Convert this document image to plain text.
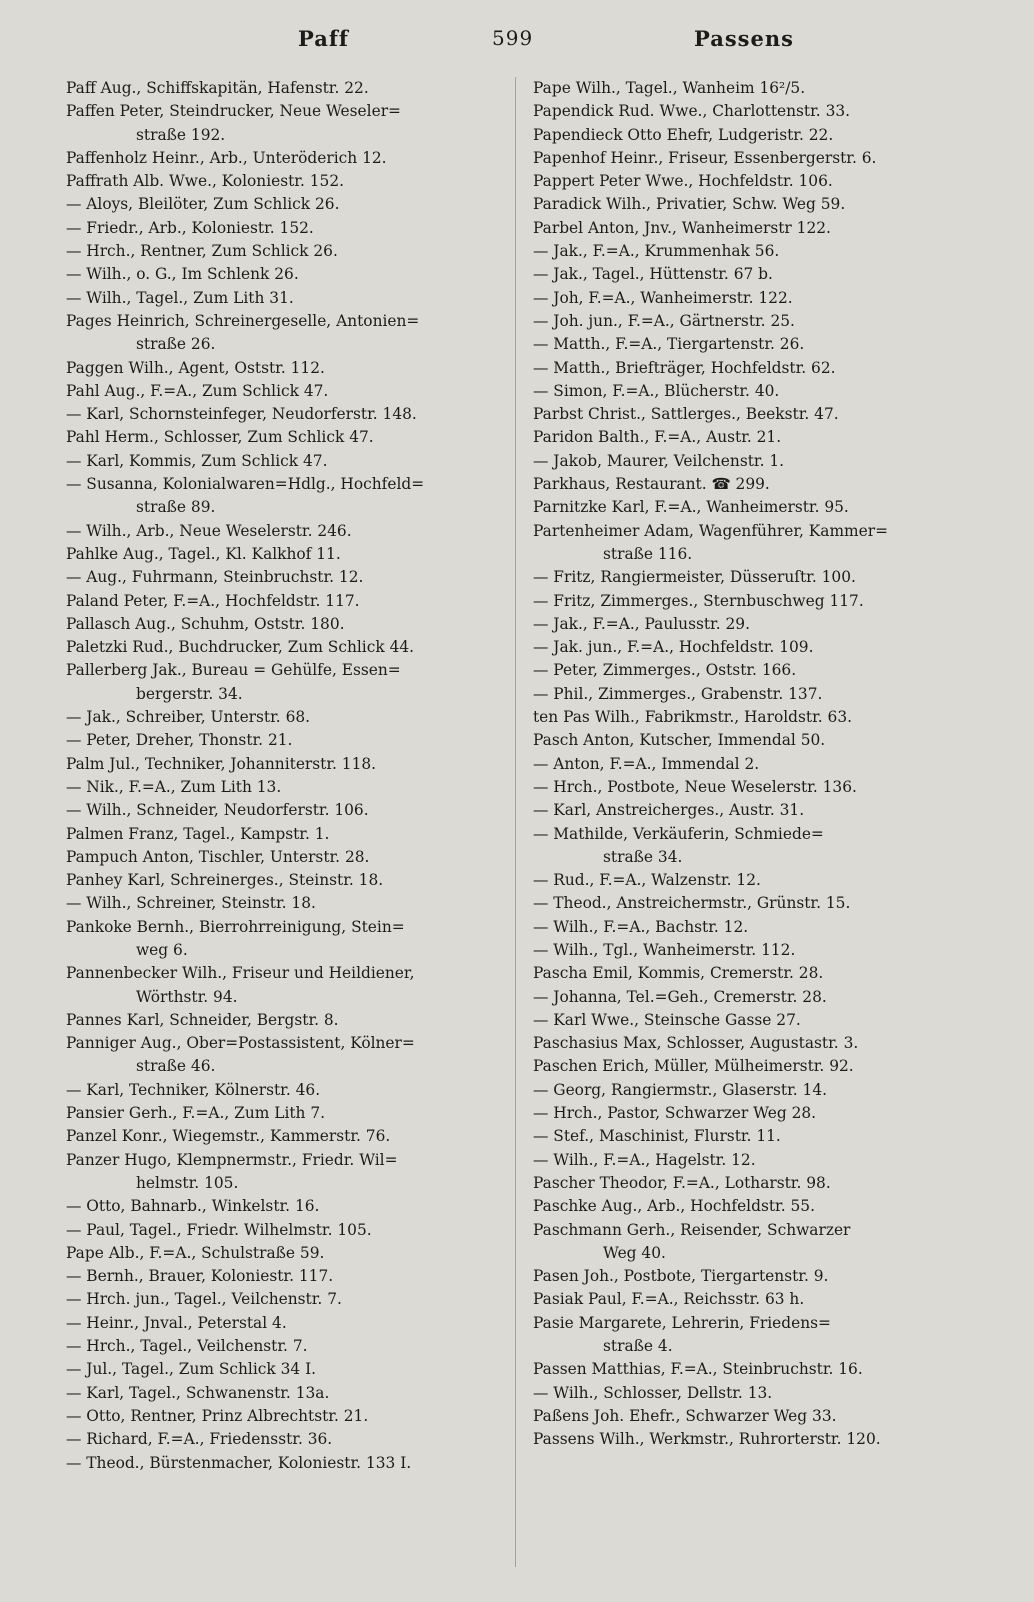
Paff	599	Passens
Paff Aug., Schiffskapitän, Hafenstr. 22.
Paffen Peter, Steindrucker, Neue Weseler=
straße 192.
Paffenholz Heinr., Arb., Unteröderich 12.
Paffrath Alb. Wwe., Koloniestr. 152.
— Aloys, Bleilöter, Zum Schlick 26.
— Friedr., Arb., Koloniestr. 152.
— Hrch., Rentner, Zum Schlick 26.
— Wilh., o. G., Im Schlenk 26.
— Wilh., Tagel., Zum Lith 31.
Pages Heinrich, Schreinergeselle, Antonien=
straße 26.
Paggen Wilh., Agent, Oststr. 112.
Pahl Aug., F.=A., Zum Schlick 47.
— Karl, Schornsteinfeger, Neudorferstr. 148.
Pahl Herm., Schlosser, Zum Schlick 47.
— Karl, Kommis, Zum Schlick 47.
— Susanna, Kolonialwaren=Hdlg., Hochfeld=
straße 89.
— Wilh., Arb., Neue Weselerstr. 246.
Pahlke Aug., Tagel., Kl. Kalkhof 11.
— Aug., Fuhrmann, Steinbruchstr. 12.
Paland Peter, F.=A., Hochfeldstr. 117.
Pallasch Aug., Schuhm, Oststr. 180.
Paletzki Rud., Buchdrucker, Zum Schlick 44.
Pallerberg Jak., Bureau = Gehülfe, Essen=
bergerstr. 34.
— Jak., Schreiber, Unterstr. 68.
— Peter, Dreher, Thonstr. 21.
Palm Jul., Techniker, Johanniterstr. 118.
— Nik., F.=A., Zum Lith 13.
— Wilh., Schneider, Neudorferstr. 106.
Palmen Franz, Tagel., Kampstr. 1.
Pampuch Anton, Tischler, Unterstr. 28.
Panhey Karl, Schreinerges., Steinstr. 18.
— Wilh., Schreiner, Steinstr. 18.
Pankoke Bernh., Bierrohrreinigung, Stein=
weg 6.
Pannenbecker Wilh., Friseur und Heildiener,
Wörthstr. 94.
Pannes Karl, Schneider, Bergstr. 8.
Panniger Aug., Ober=Postassistent, Kölner=
straße 46.
— Karl, Techniker, Kölnerstr. 46.
Pansier Gerh., F.=A., Zum Lith 7.
Panzel Konr., Wiegemstr., Kammerstr. 76.
Panzer Hugo, Klempnermstr., Friedr. Wil=
helmstr. 105.
— Otto, Bahnarb., Winkelstr. 16.
— Paul, Tagel., Friedr. Wilhelmstr. 105.
Pape Alb., F.=A., Schulstraße 59.
— Bernh., Brauer, Koloniestr. 117.
— Hrch. jun., Tagel., Veilchenstr. 7.
— Heinr., Jnval., Peterstal 4.
— Hrch., Tagel., Veilchenstr. 7.
— Jul., Tagel., Zum Schlick 34 I.
— Karl, Tagel., Schwanenstr. 13a.
— Otto, Rentner, Prinz Albrechtstr. 21.
— Richard, F.=A., Friedensstr. 36.
— Theod., Bürstenmacher, Koloniestr. 133 I.
Pape Wilh., Tagel., Wanheim 16²/5.
Papendick Rud. Wwe., Charlottenstr. 33.
Papendieck Otto Ehefr, Ludgeristr. 22.
Papenhof Heinr., Friseur, Essenbergerstr. 6.
Pappert Peter Wwe., Hochfeldstr. 106.
Paradick Wilh., Privatier, Schw. Weg 59.
Parbel Anton, Jnv., Wanheimerstr 122.
— Jak., F.=A., Krummenhak 56.
— Jak., Tagel., Hüttenstr. 67 b.
— Joh, F.=A., Wanheimerstr. 122.
— Joh. jun., F.=A., Gärtnerstr. 25.
— Matth., F.=A., Tiergartenstr. 26.
— Matth., Briefträger, Hochfeldstr. 62.
— Simon, F.=A., Blücherstr. 40.
Parbst Christ., Sattlerges., Beekstr. 47.
Paridon Balth., F.=A., Austr. 21.
— Jakob, Maurer, Veilchenstr. 1.
Parkhaus, Restaurant. ☎ 299.
Parnitzke Karl, F.=A., Wanheimerstr. 95.
Partenheimer Adam, Wagenführer, Kammer=
straße 116.
— Fritz, Rangiermeister, Düsseruſtr. 100.
— Fritz, Zimmerges., Sternbuschweg 117.
— Jak., F.=A., Paulusstr. 29.
— Jak. jun., F.=A., Hochfeldstr. 109.
— Peter, Zimmerges., Oststr. 166.
— Phil., Zimmerges., Grabenstr. 137.
ten Pas Wilh., Fabrikmstr., Haroldstr. 63.
Pasch Anton, Kutscher, Immendal 50.
— Anton, F.=A., Immendal 2.
— Hrch., Postbote, Neue Weselerstr. 136.
— Karl, Anstreicherges., Austr. 31.
— Mathilde, Verkäuferin, Schmiede=
straße 34.
— Rud., F.=A., Walzenstr. 12.
— Theod., Anstreichermstr., Grünstr. 15.
— Wilh., F.=A., Bachstr. 12.
— Wilh., Tgl., Wanheimerstr. 112.
Pascha Emil, Kommis, Cremerstr. 28.
— Johanna, Tel.=Geh., Cremerstr. 28.
— Karl Wwe., Steinsche Gasse 27.
Paschasius Max, Schlosser, Augustastr. 3.
Paschen Erich, Müller, Mülheimerstr. 92.
— Georg, Rangiermstr., Glaserstr. 14.
— Hrch., Pastor, Schwarzer Weg 28.
— Stef., Maschinist, Flurstr. 11.
— Wilh., F.=A., Hagelstr. 12.
Pascher Theodor, F.=A., Lotharstr. 98.
Paschke Aug., Arb., Hochfeldstr. 55.
Paschmann Gerh., Reisender, Schwarzer
Weg 40.
Pasen Joh., Postbote, Tiergartenstr. 9.
Pasiak Paul, F.=A., Reichsstr. 63 h.
Pasie Margarete, Lehrerin, Friedens=
straße 4.
Passen Matthias, F.=A., Steinbruchstr. 16.
— Wilh., Schlosser, Dellstr. 13.
Paßens Joh. Ehefr., Schwarzer Weg 33.
Passens Wilh., Werkmstr., Ruhrorterstr. 120.
